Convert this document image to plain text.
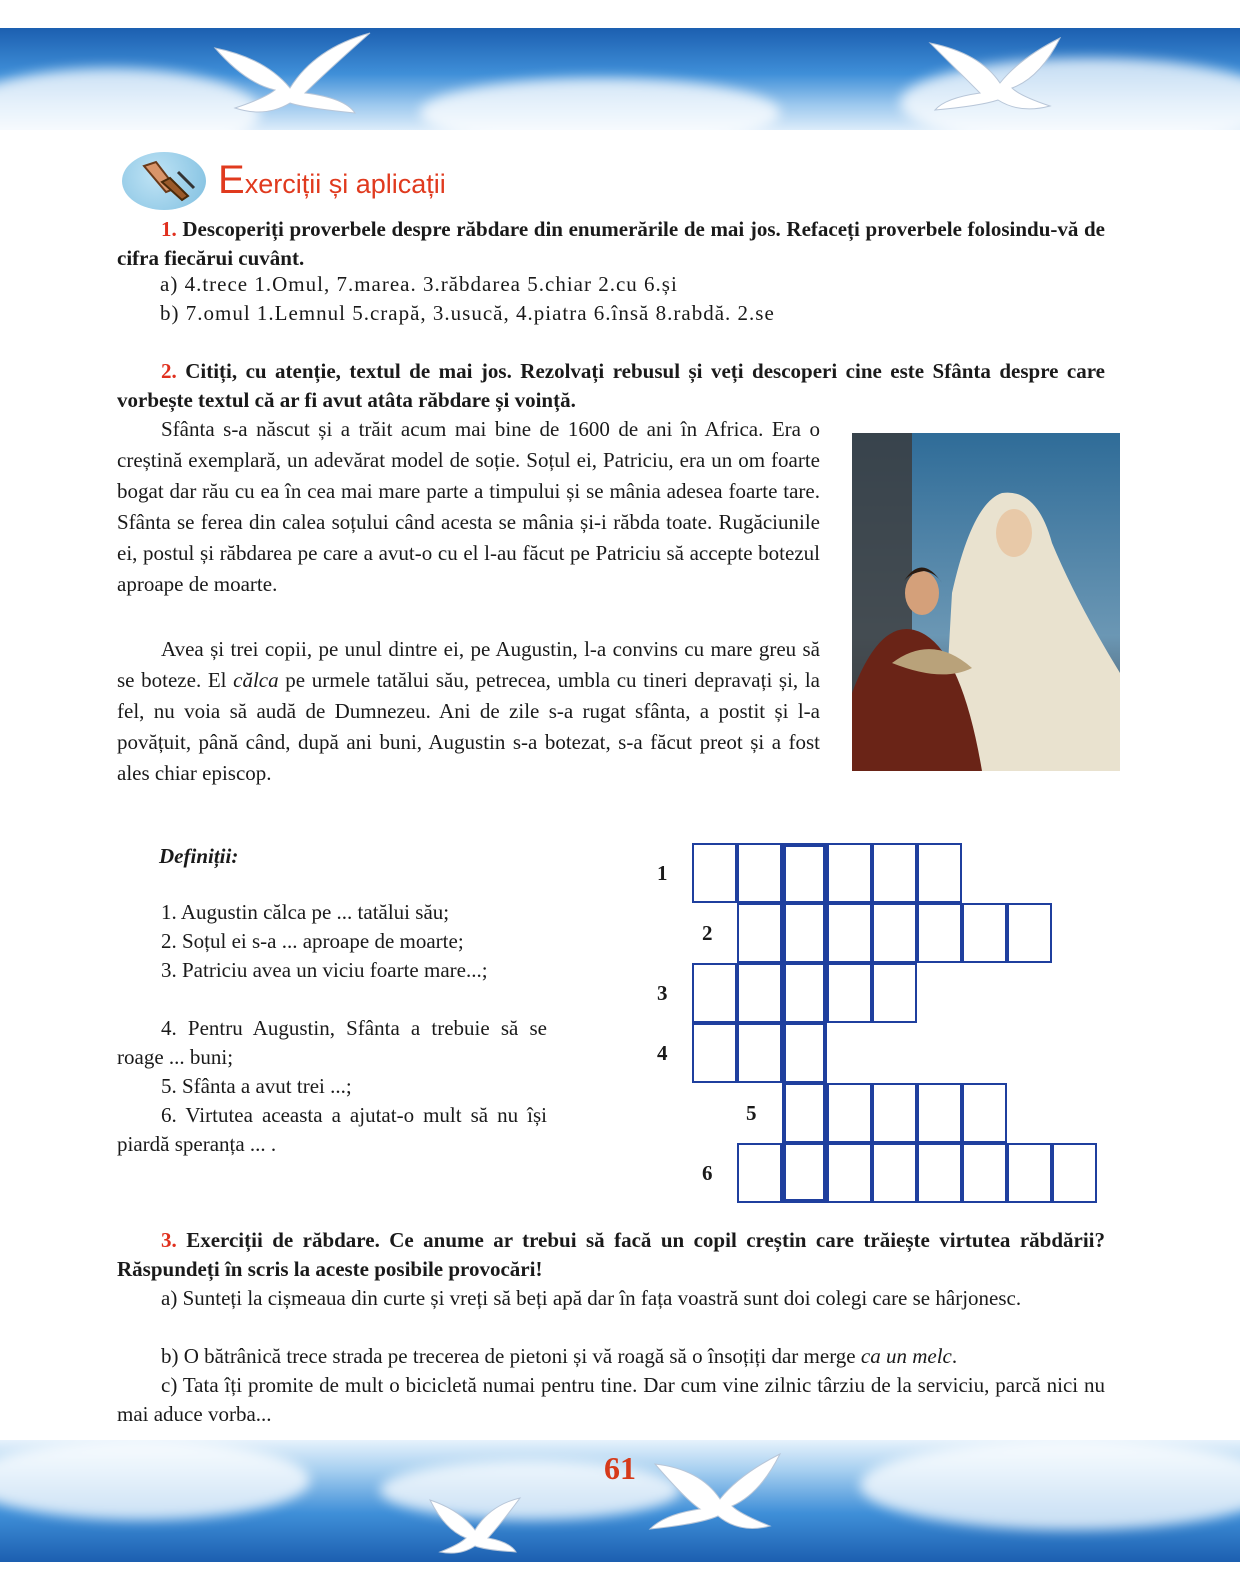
Exerciții și aplicații
1. Descoperiți proverbele despre răbdare din enumerările de mai jos. Refaceți proverbele folosindu-vă de cifra fiecărui cuvânt.
a) 4.trece 1.Omul, 7.marea. 3.răbdarea 5.chiar 2.cu 6.și
b) 7.omul 1.Lemnul 5.crapă, 3.usucă, 4.piatra 6.însă 8.rabdă. 2.se
2. Citiți, cu atenție, textul de mai jos. Rezolvați rebusul și veți descoperi cine este Sfânta despre care vorbește textul că ar fi avut atâta răbdare și voință.
Sfânta s-a născut și a trăit acum mai bine de 1600 de ani în Africa. Era o creștină exemplară, un adevărat model de soție. Soțul ei, Patriciu, era un om foarte bogat dar rău cu ea în cea mai mare parte a timpului și se mânia adesea foarte tare. Sfânta se ferea din calea soțului când acesta se mânia și-i răbda toate. Rugăciunile ei, postul și răbdarea pe care a avut-o cu el l-au făcut pe Patriciu să accepte botezul aproape de moarte.
Avea și trei copii, pe unul dintre ei, pe Augustin, l-a convins cu mare greu să se boteze. El călca pe urmele tatălui său, petrecea, umbla cu tineri depravați și, la fel, nu voia să audă de Dumnezeu. Ani de zile s-a rugat sfânta, a postit și l-a povățuit, până când, după ani buni, Augustin s-a botezat, s-a făcut preot și a fost ales chiar episcop.
Definiții:
1. Augustin călca pe ... tatălui său;
2. Soțul ei s-a ... aproape de moarte;
3. Patriciu avea un viciu foarte mare...;
4. Pentru Augustin, Sfânta a trebuie să se roage ... buni;
5. Sfânta a avut trei ...;
6. Virtutea aceasta a ajutat-o mult să nu își piardă speranța ... .
1
2
3
4
5
6
3. Exerciții de răbdare. Ce anume ar trebui să facă un copil creștin care trăiește virtutea răbdării? Răspundeți în scris la aceste posibile provocări!
a) Sunteți la cișmeaua din curte și vreți să beți apă dar în fața voastră sunt doi colegi care se hârjonesc.
b) O bătrânică trece strada pe trecerea de pietoni și vă roagă să o însoțiți dar merge ca un melc.
c) Tata îți promite de mult o bicicletă numai pentru tine. Dar cum vine zilnic târziu de la serviciu, parcă nici nu mai aduce vorba...
61
